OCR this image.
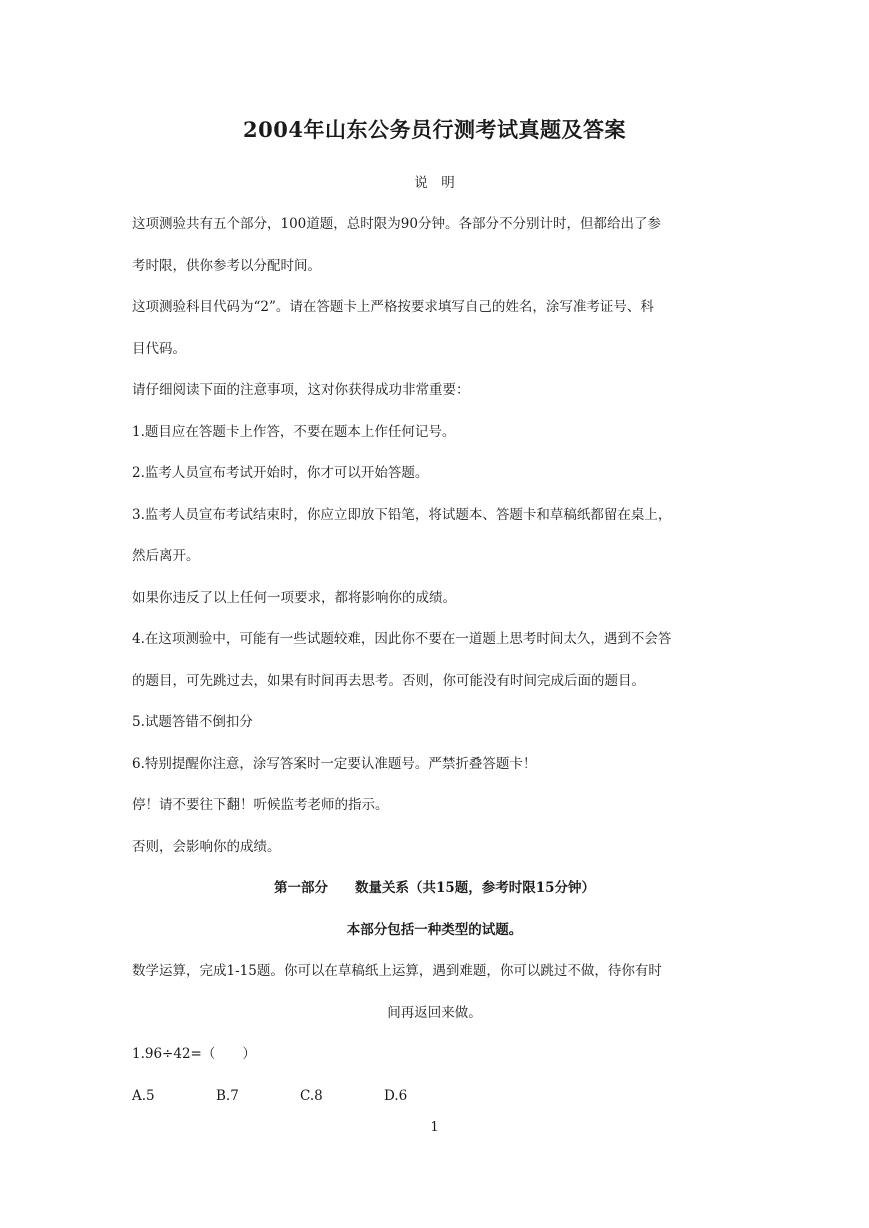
2004年山东公务员行测考试真题及答案
说　明
这项测验共有五个部分，100道题，总时限为90分钟。各部分不分别计时，但都给出了参
考时限，供你参考以分配时间。
这项测验科目代码为“2”。请在答题卡上严格按要求填写自己的姓名，涂写准考证号、科
目代码。
请仔细阅读下面的注意事项，这对你获得成功非常重要：
1.题目应在答题卡上作答，不要在题本上作任何记号。
2.监考人员宣布考试开始时，你才可以开始答题。
3.监考人员宣布考试结束时，你应立即放下铅笔，将试题本、答题卡和草稿纸都留在桌上，
然后离开。
如果你违反了以上任何一项要求，都将影响你的成绩。
4.在这项测验中，可能有一些试题较难，因此你不要在一道题上思考时间太久，遇到不会答
的题目，可先跳过去，如果有时间再去思考。否则，你可能没有时间完成后面的题目。
5.试题答错不倒扣分
6.特别提醒你注意，涂写答案时一定要认准题号。严禁折叠答题卡！
停！请不要往下翻！听候监考老师的指示。
否则，会影响你的成绩。
第一部分　　数量关系（共15题，参考时限15分钟）
本部分包括一种类型的试题。
数学运算，完成1-15题。你可以在草稿纸上运算，遇到难题，你可以跳过不做，待你有时
间再返回来做。
1.96÷42=（　　）
A.5	B.7	C.8	D.6
1
